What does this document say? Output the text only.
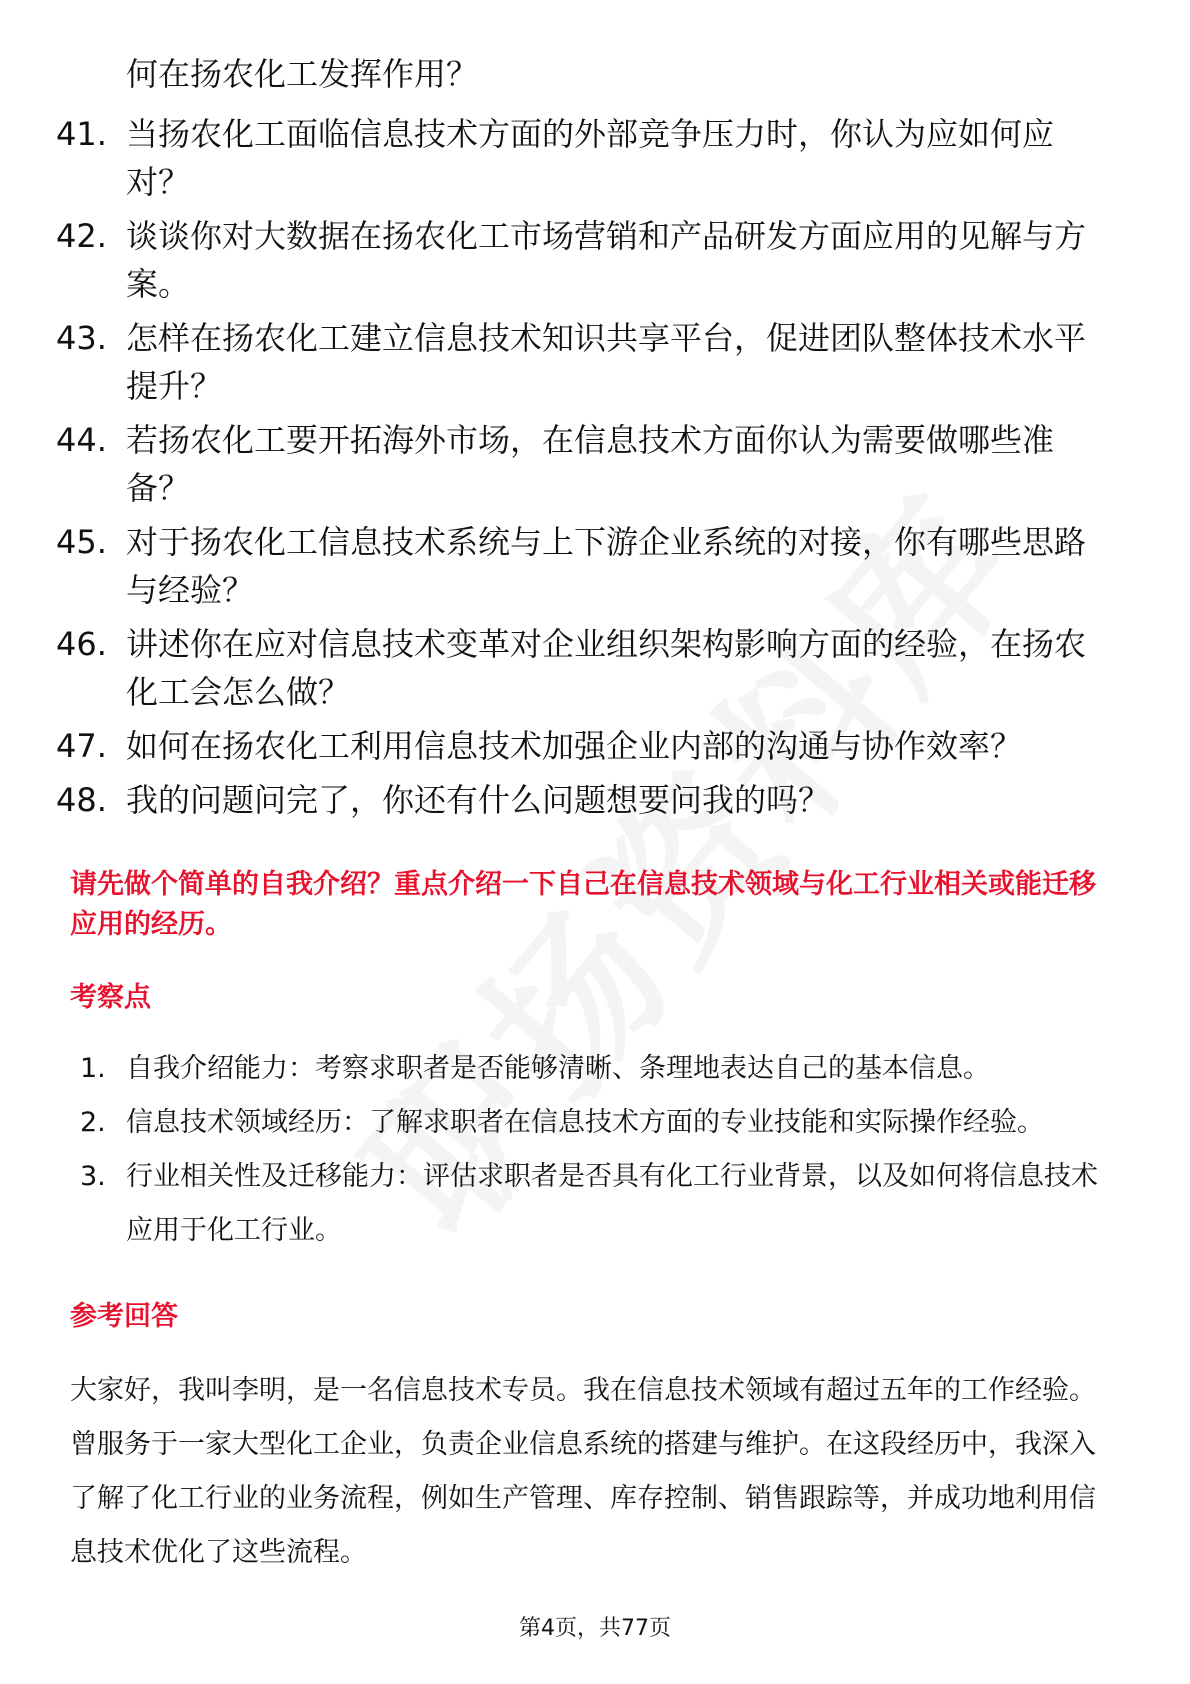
何在扬农化工发挥作用？
41. 当扬农化工面临信息技术方面的外部竞争压力时，你认为应如何应对？
42. 谈谈你对大数据在扬农化工市场营销和产品研发方面应用的见解与方案。
43. 怎样在扬农化工建立信息技术知识共享平台，促进团队整体技术水平提升？
44. 若扬农化工要开拓海外市场，在信息技术方面你认为需要做哪些准备？
45. 对于扬农化工信息技术系统与上下游企业系统的对接，你有哪些思路与经验？
46. 讲述你在应对信息技术变革对企业组织架构影响方面的经验，在扬农化工会怎么做？
47. 如何在扬农化工利用信息技术加强企业内部的沟通与协作效率？
48. 我的问题问完了，你还有什么问题想要问我的吗？
请先做个简单的自我介绍？重点介绍一下自己在信息技术领域与化工行业相关或能迁移应用的经历。
考察点
1. 自我介绍能力：考察求职者是否能够清晰、条理地表达自己的基本信息。
2. 信息技术领域经历：了解求职者在信息技术方面的专业技能和实际操作经验。
3. 行业相关性及迁移能力：评估求职者是否具有化工行业背景，以及如何将信息技术应用于化工行业。
参考回答
大家好，我叫李明，是一名信息技术专员。我在信息技术领域有超过五年的工作经验。曾服务于一家大型化工企业，负责企业信息系统的搭建与维护。在这段经历中，我深入了解了化工行业的业务流程，例如生产管理、库存控制、销售跟踪等，并成功地利用信息技术优化了这些流程。
第4页，共77页
